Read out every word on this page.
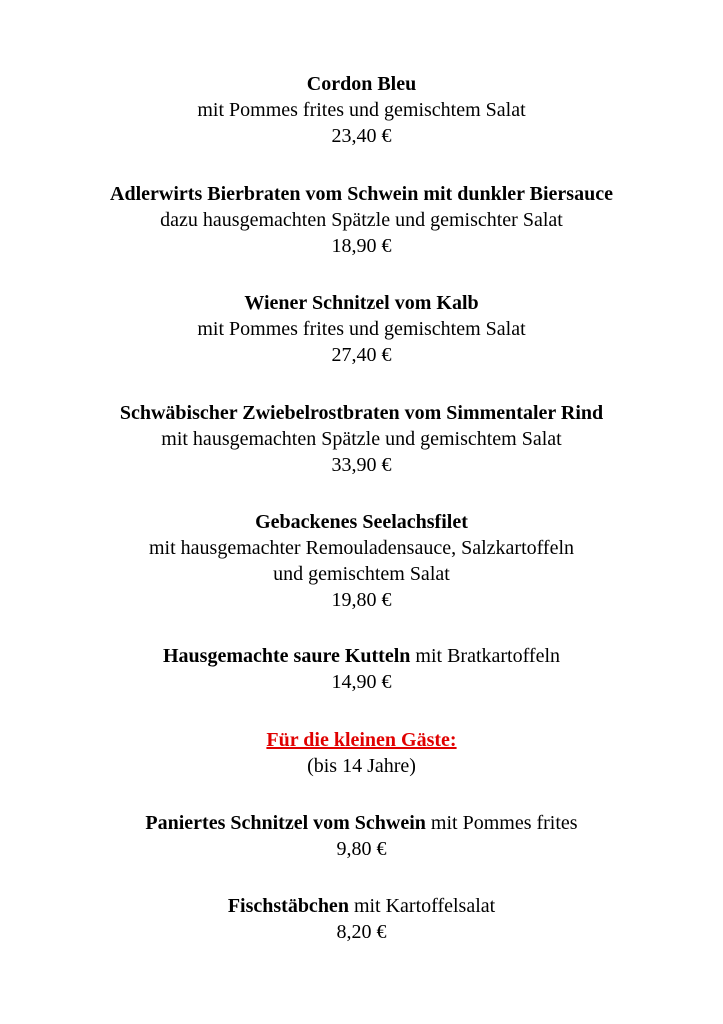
Cordon Bleu
mit Pommes frites und gemischtem Salat
23,40 €
Adlerwirts Bierbraten vom Schwein mit dunkler Biersauce
dazu hausgemachten Spätzle und gemischter Salat
18,90 €
Wiener Schnitzel vom Kalb
mit Pommes frites und gemischtem Salat
27,40 €
Schwäbischer Zwiebelrostbraten vom Simmentaler Rind
mit hausgemachten Spätzle und gemischtem Salat
33,90 €
Gebackenes Seelachsfilet
mit hausgemachter Remouladensauce, Salzkartoffeln
und gemischtem Salat
19,80 €
Hausgemachte saure Kutteln mit Bratkartoffeln
14,90 €
Für die kleinen Gäste:
(bis 14 Jahre)
Paniertes Schnitzel vom Schwein mit Pommes frites
9,80 €
Fischstäbchen mit Kartoffelsalat
8,20 €
